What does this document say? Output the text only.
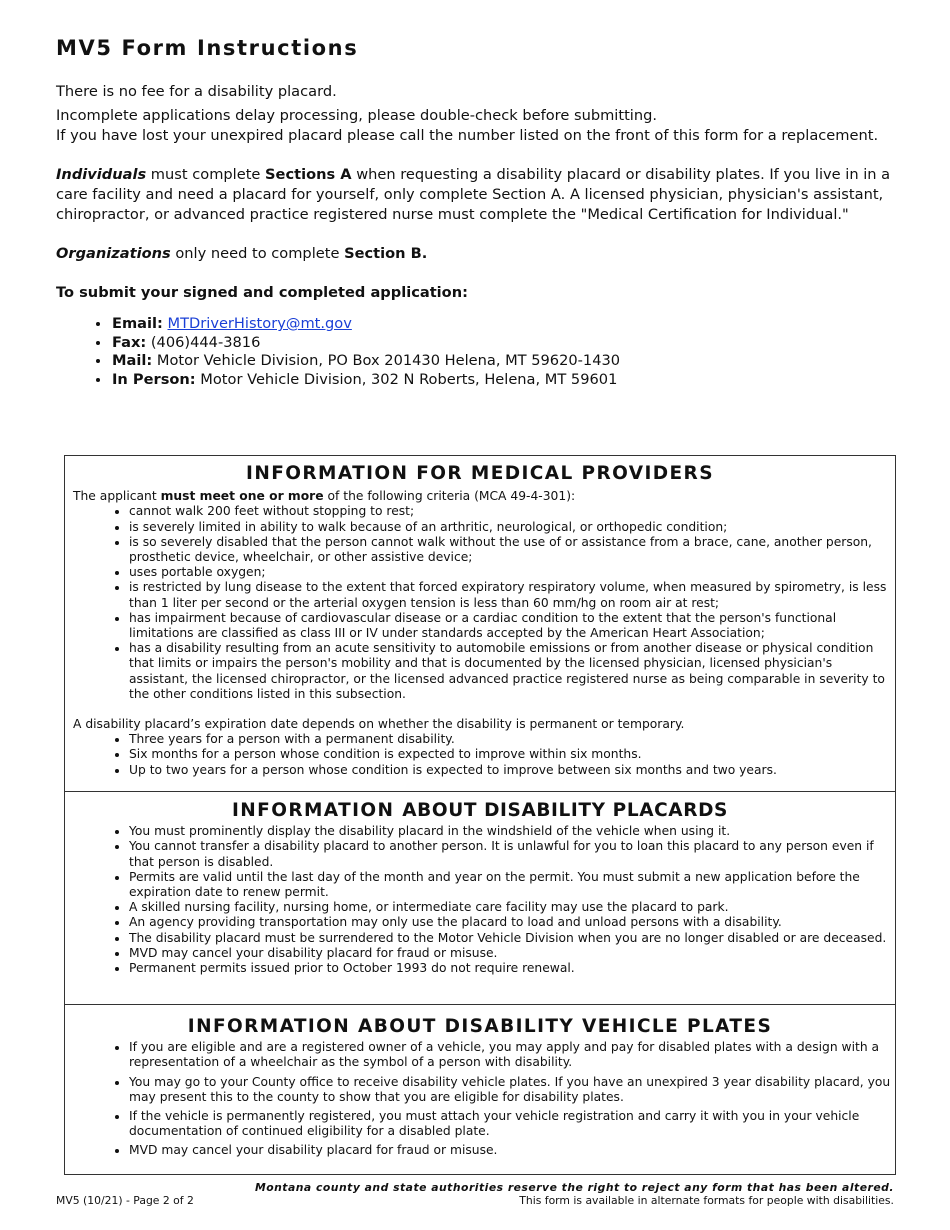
MV5 Form Instructions

There is no fee for a disability placard.

Incomplete applications delay processing, please double-check before submitting.

If you have lost your unexpired placard please call the number listed on the front of this form for a replacement.

Individuals must complete Sections A when requesting a disability placard or disability plates. If you live in in a care facility and need a placard for yourself, only complete Section A. A licensed physician, physician's assistant, chiropractor, or advanced practice registered nurse must complete the "Medical Certification for Individual."

Organizations only need to complete Section B.

To submit your signed and completed application:

• Email: MTDriverHistory@mt.gov
• Fax: (406)444-3816
• Mail: Motor Vehicle Division, PO Box 201430 Helena, MT 59620-1430
• In Person: Motor Vehicle Division, 302 N Roberts, Helena, MT 59601
INFORMATION FOR MEDICAL PROVIDERS

The applicant must meet one or more of the following criteria (MCA 49-4-301):

• cannot walk 200 feet without stopping to rest;
• is severely limited in ability to walk because of an arthritic, neurological, or orthopedic condition;
• is so severely disabled that the person cannot walk without the use of or assistance from a brace, cane, another person, prosthetic device, wheelchair, or other assistive device;
• uses portable oxygen;
• is restricted by lung disease to the extent that forced expiratory respiratory volume, when measured by spirometry, is less than 1 liter per second or the arterial oxygen tension is less than 60 mm/hg on room air at rest;
• has impairment because of cardiovascular disease or a cardiac condition to the extent that the person's functional limitations are classified as class III or IV under standards accepted by the American Heart Association;
• has a disability resulting from an acute sensitivity to automobile emissions or from another disease or physical condition that limits or impairs the person's mobility and that is documented by the licensed physician, licensed physician's assistant, the licensed chiropractor, or the licensed advanced practice registered nurse as being comparable in severity to the other conditions listed in this subsection.

A disability placard’s expiration date depends on whether the disability is permanent or temporary.

• Three years for a person with a permanent disability.
• Six months for a person whose condition is expected to improve within six months.
• Up to two years for a person whose condition is expected to improve between six months and two years.
INFORMATION ABOUT DISABILITY PLACARDS
• You must prominently display the disability placard in the windshield of the vehicle when using it.
• You cannot transfer a disability placard to another person. It is unlawful for you to loan this placard to any person even if that person is disabled.
• Permits are valid until the last day of the month and year on the permit. You must submit a new application before the expiration date to renew permit.
• A skilled nursing facility, nursing home, or intermediate care facility may use the placard to park.
• An agency providing transportation may only use the placard to load and unload persons with a disability.
• The disability placard must be surrendered to the Motor Vehicle Division when you are no longer disabled or are deceased.
• MVD may cancel your disability placard for fraud or misuse.
• Permanent permits issued prior to October 1993 do not require renewal.
INFORMATION ABOUT DISABILITY VEHICLE PLATES
• If you are eligible and are a registered owner of a vehicle, you may apply and pay for disabled plates with a design with a representation of a wheelchair as the symbol of a person with disability.
• You may go to your County office to receive disability vehicle plates. If you have an unexpired 3 year disability placard, you may present this to the county to show that you are eligible for disability plates.
• If the vehicle is permanently registered, you must attach your vehicle registration and carry it with you in your vehicle documentation of continued eligibility for a disabled plate.
• MVD may cancel your disability placard for fraud or misuse.
Montana county and state authorities reserve the right to reject any form that has been altered.
This form is available in alternate formats for people with disabilities.
MV5 (10/21) - Page 2 of 2
